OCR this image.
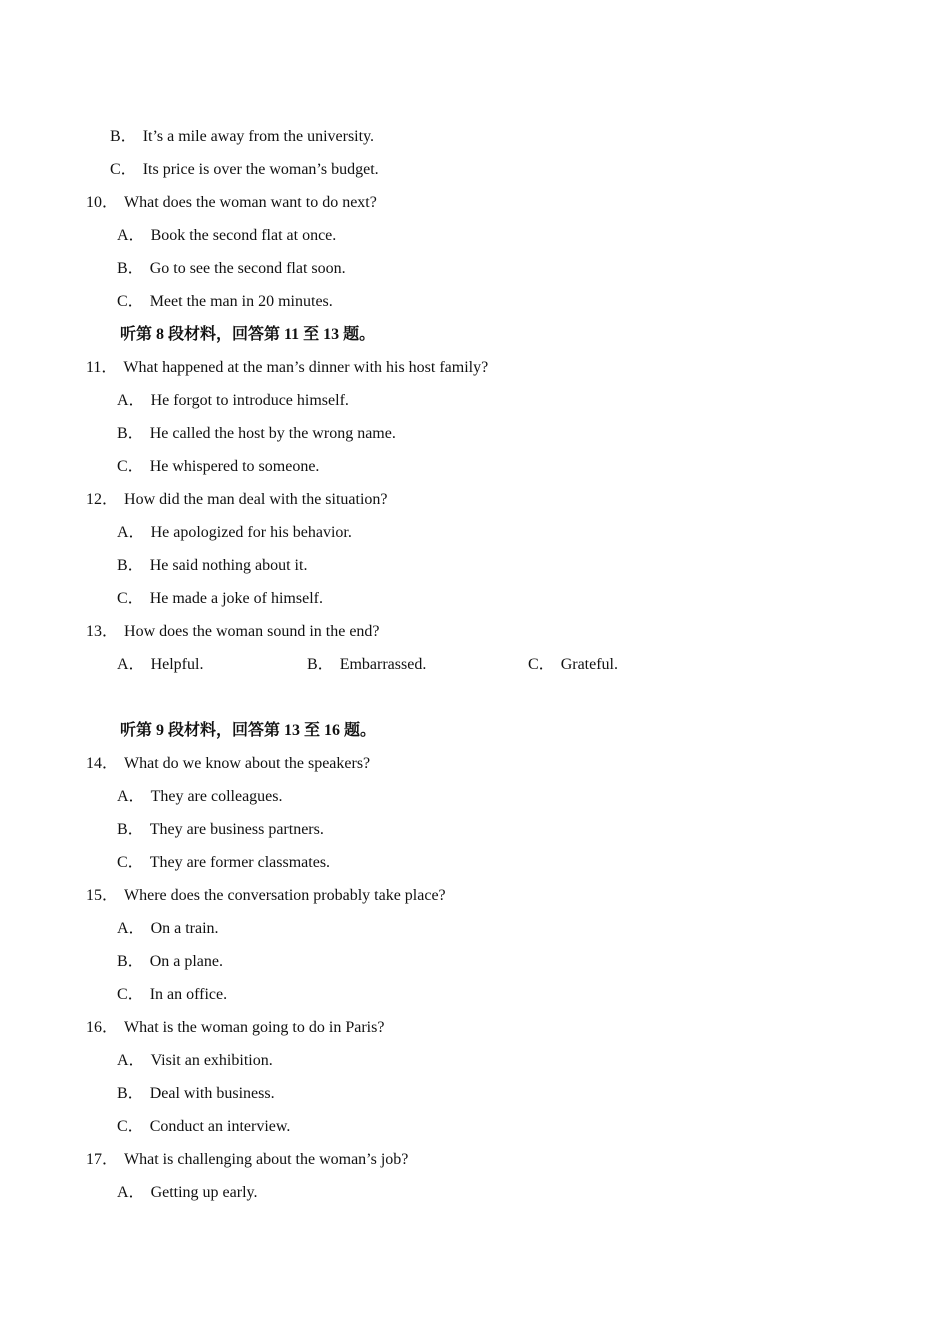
B． It’s a mile away from the university.
C． Its price is over the woman’s budget.
10． What does the woman want to do next?
A． Book the second flat at once.
B． Go to see the second flat soon.
C． Meet the man in 20 minutes.
听第 8 段材料，回答第 11 至 13 题。
11． What happened at the man’s dinner with his host family?
A． He forgot to introduce himself.
B． He called the host by the wrong name.
C． He whispered to someone.
12． How did the man deal with the situation?
A． He apologized for his behavior.
B． He said nothing about it.
C． He made a joke of himself.
13． How does the woman sound in the end?
A． Helpful.	B． Embarrassed.	C． Grateful.
听第 9 段材料，回答第 13 至 16 题。
14． What do we know about the speakers?
A． They are colleagues.
B． They are business partners.
C． They are former classmates.
15． Where does the conversation probably take place?
A． On a train.
B． On a plane.
C． In an office.
16． What is the woman going to do in Paris?
A． Visit an exhibition.
B． Deal with business.
C． Conduct an interview.
17． What is challenging about the woman’s job?
A． Getting up early.
